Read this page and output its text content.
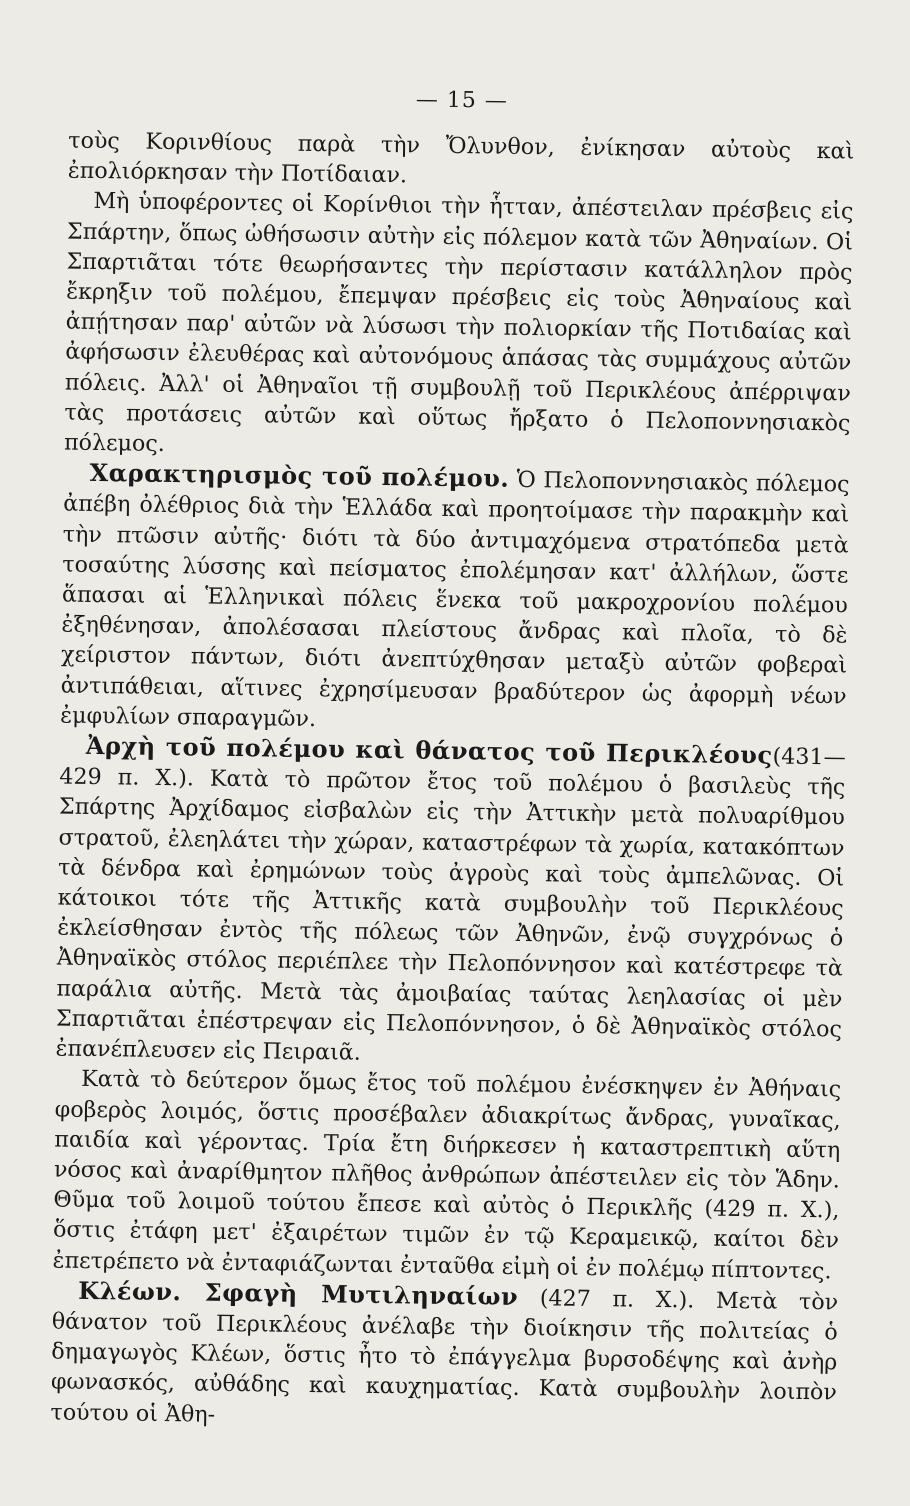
— 15 —

τοὺς Κορινθίους παρὰ τὴν Ὄλυνθον, ἐνίκησαν αὐτοὺς καὶ ἐπολιόρκησαν τὴν Ποτίδαιαν.

Μὴ ὑποφέροντες οἱ Κορίνθιοι τὴν ἧτταν, ἀπέστειλαν πρέσβεις εἰς Σπάρτην, ὅπως ὠθήσωσιν αὐτὴν εἰς πόλεμον κατὰ τῶν Ἀθηναίων. Οἱ Σπαρτιᾶται τότε θεωρήσαντες τὴν περίστασιν κατάλληλον πρὸς ἔκρηξιν τοῦ πολέμου, ἔπεμψαν πρέσβεις εἰς τοὺς Ἀθηναίους καὶ ἀπῄτησαν παρ' αὐτῶν νὰ λύσωσι τὴν πολιορκίαν τῆς Ποτιδαίας καὶ ἀφήσωσιν ἐλευθέρας καὶ αὐτονόμους ἁπάσας τὰς συμμάχους αὐτῶν πόλεις. Ἀλλ' οἱ Ἀθηναῖοι τῇ συμβουλῇ τοῦ Περικλέους ἀπέρριψαν τὰς προτάσεις αὐτῶν καὶ οὕτως ἤρξατο ὁ Πελοποννησιακὸς πόλεμος.

Χαρακτηρισμὸς τοῦ πολέμου. Ὁ Πελοποννησιακὸς πόλεμος ἀπέβη ὀλέθριος διὰ τὴν Ἑλλάδα καὶ προητοίμασε τὴν παρακμὴν καὶ τὴν πτῶσιν αὐτῆς· διότι τὰ δύο ἀντιμαχόμενα στρατόπεδα μετὰ τοσαύτης λύσσης καὶ πείσματος ἐπολέμησαν κατ' ἀλλήλων, ὥστε ἅπασαι αἱ Ἑλληνικαὶ πόλεις ἕνεκα τοῦ μακροχρονίου πολέμου ἐξηθένησαν, ἀπολέσασαι πλείστους ἄνδρας καὶ πλοῖα, τὸ δὲ χείριστον πάντων, διότι ἀνεπτύχθησαν μεταξὺ αὐτῶν φοβεραὶ ἀντιπάθειαι, αἵτινες ἐχρησίμευσαν βραδύτερον ὡς ἀφορμὴ νέων ἐμφυλίων σπαραγμῶν.

Ἀρχὴ τοῦ πολέμου καὶ θάνατος τοῦ Περικλέους(431—429 π. Χ.). Κατὰ τὸ πρῶτον ἔτος τοῦ πολέμου ὁ βασιλεὺς τῆς Σπάρτης Ἀρχίδαμος εἰσβαλὼν εἰς τὴν Ἀττικὴν μετὰ πολυαρίθμου στρατοῦ, ἐλεηλάτει τὴν χώραν, καταστρέφων τὰ χωρία, κατακόπτων τὰ δένδρα καὶ ἐρημώνων τοὺς ἀγροὺς καὶ τοὺς ἀμπελῶνας. Οἱ κάτοικοι τότε τῆς Ἀττικῆς κατὰ συμβουλὴν τοῦ Περικλέους ἐκλείσθησαν ἐντὸς τῆς πόλεως τῶν Ἀθηνῶν, ἐνῷ συγχρόνως ὁ Ἀθηναϊκὸς στόλος περιέπλεε τὴν Πελοπόννησον καὶ κατέστρεφε τὰ παράλια αὐτῆς. Μετὰ τὰς ἀμοιβαίας ταύτας λεηλασίας οἱ μὲν Σπαρτιᾶται ἐπέστρεψαν εἰς Πελοπόννησον, ὁ δὲ Ἀθηναϊκὸς στόλος ἐπανέπλευσεν εἰς Πειραιᾶ.

Κατὰ τὸ δεύτερον ὅμως ἔτος τοῦ πολέμου ἐνέσκηψεν ἐν Ἀθήναις φοβερὸς λοιμός, ὅστις προσέβαλεν ἀδιακρίτως ἄνδρας, γυναῖκας, παιδία καὶ γέροντας. Τρία ἔτη διήρκεσεν ἡ καταστρεπτικὴ αὕτη νόσος καὶ ἀναρίθμητον πλῆθος ἀνθρώπων ἀπέστειλεν εἰς τὸν Ἅδην. Θῦμα τοῦ λοιμοῦ τούτου ἔπεσε καὶ αὐτὸς ὁ Περικλῆς (429 π. Χ.), ὅστις ἐτάφη μετ' ἐξαιρέτων τιμῶν ἐν τῷ Κεραμεικῷ, καίτοι δὲν ἐπετρέπετο νὰ ἐνταφιάζωνται ἐνταῦθα εἰμὴ οἱ ἐν πολέμῳ πίπτοντες.

Κλέων. Σφαγὴ Μυτιληναίων (427 π. Χ.). Μετὰ τὸν θάνατον τοῦ Περικλέους ἀνέλαβε τὴν διοίκησιν τῆς πολιτείας ὁ δημαγωγὸς Κλέων, ὅστις ἦτο τὸ ἐπάγγελμα βυρσοδέψης καὶ ἀνὴρ φωνασκός, αὐθάδης καὶ καυχηματίας. Κατὰ συμβουλὴν λοιπὸν τούτου οἱ Ἀθη-
